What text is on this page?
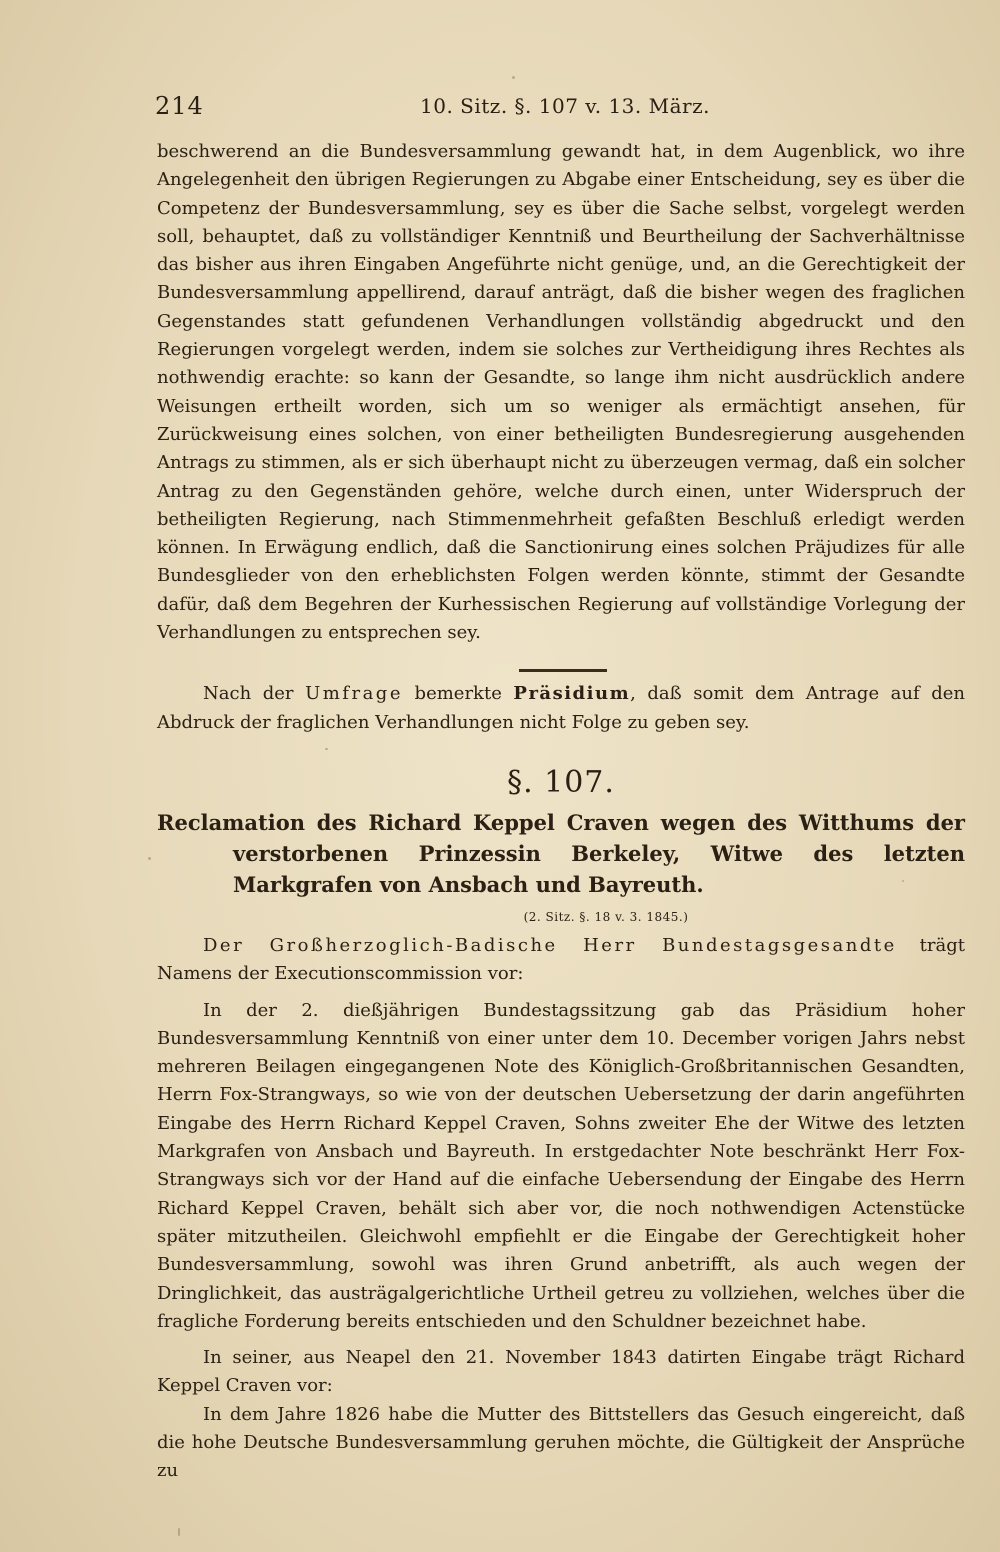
214	10. Sitz. §. 107 v. 13. März.

beschwerend an die Bundesversammlung gewandt hat, in dem Augenblick, wo ihre Angelegenheit den übrigen Regierungen zu Abgabe einer Entscheidung, sey es über die Competenz der Bundesversammlung, sey es über die Sache selbst, vorgelegt werden soll, behauptet, daß zu vollständiger Kenntniß und Beurtheilung der Sachverhältnisse das bisher aus ihren Eingaben Angeführte nicht genüge, und, an die Gerechtigkeit der Bundesversammlung appellirend, darauf anträgt, daß die bisher wegen des fraglichen Gegenstandes statt gefundenen Verhandlungen vollständig abgedruckt und den Regierungen vorgelegt werden, indem sie solches zur Vertheidigung ihres Rechtes als nothwendig erachte: so kann der Gesandte, so lange ihm nicht ausdrücklich andere Weisungen ertheilt worden, sich um so weniger als ermächtigt ansehen, für Zurückweisung eines solchen, von einer betheiligten Bundesregierung ausgehenden Antrags zu stimmen, als er sich überhaupt nicht zu überzeugen vermag, daß ein solcher Antrag zu den Gegenständen gehöre, welche durch einen, unter Widerspruch der betheiligten Regierung, nach Stimmenmehrheit gefaßten Beschluß erledigt werden können. In Erwägung endlich, daß die Sanctionirung eines solchen Präjudizes für alle Bundesglieder von den erheblichsten Folgen werden könnte, stimmt der Gesandte dafür, daß dem Begehren der Kurhessischen Regierung auf vollständige Vorlegung der Verhandlungen zu entsprechen sey.

Nach der Umfrage bemerkte Präsidium, daß somit dem Antrage auf den Abdruck der fraglichen Verhandlungen nicht Folge zu geben sey.

§. 107.
Reclamation des Richard Keppel Craven wegen des Witthums der verstorbenen Prinzessin Berkeley, Witwe des letzten Markgrafen von Ansbach und Bayreuth.
(2. Sitz. §. 18 v. 3. 1845.)

Der Großherzoglich-Badische Herr Bundestagsgesandte trägt Namens der Executionscommission vor:

In der 2. dießjährigen Bundestagssitzung gab das Präsidium hoher Bundesversammlung Kenntniß von einer unter dem 10. December vorigen Jahrs nebst mehreren Beilagen eingegangenen Note des Königlich-Großbritannischen Gesandten, Herrn Fox-Strangways, so wie von der deutschen Uebersetzung der darin angeführten Eingabe des Herrn Richard Keppel Craven, Sohns zweiter Ehe der Witwe des letzten Markgrafen von Ansbach und Bayreuth. In erstgedachter Note beschränkt Herr Fox-Strangways sich vor der Hand auf die einfache Uebersendung der Eingabe des Herrn Richard Keppel Craven, behält sich aber vor, die noch nothwendigen Actenstücke später mitzutheilen. Gleichwohl empfiehlt er die Eingabe der Gerechtigkeit hoher Bundesversammlung, sowohl was ihren Grund anbetrifft, als auch wegen der Dringlichkeit, das austrägalgerichtliche Urtheil getreu zu vollziehen, welches über die fragliche Forderung bereits entschieden und den Schuldner bezeichnet habe.

In seiner, aus Neapel den 21. November 1843 datirten Eingabe trägt Richard Keppel Craven vor:

In dem Jahre 1826 habe die Mutter des Bittstellers das Gesuch eingereicht, daß die hohe Deutsche Bundesversammlung geruhen möchte, die Gültigkeit der Ansprüche zu
